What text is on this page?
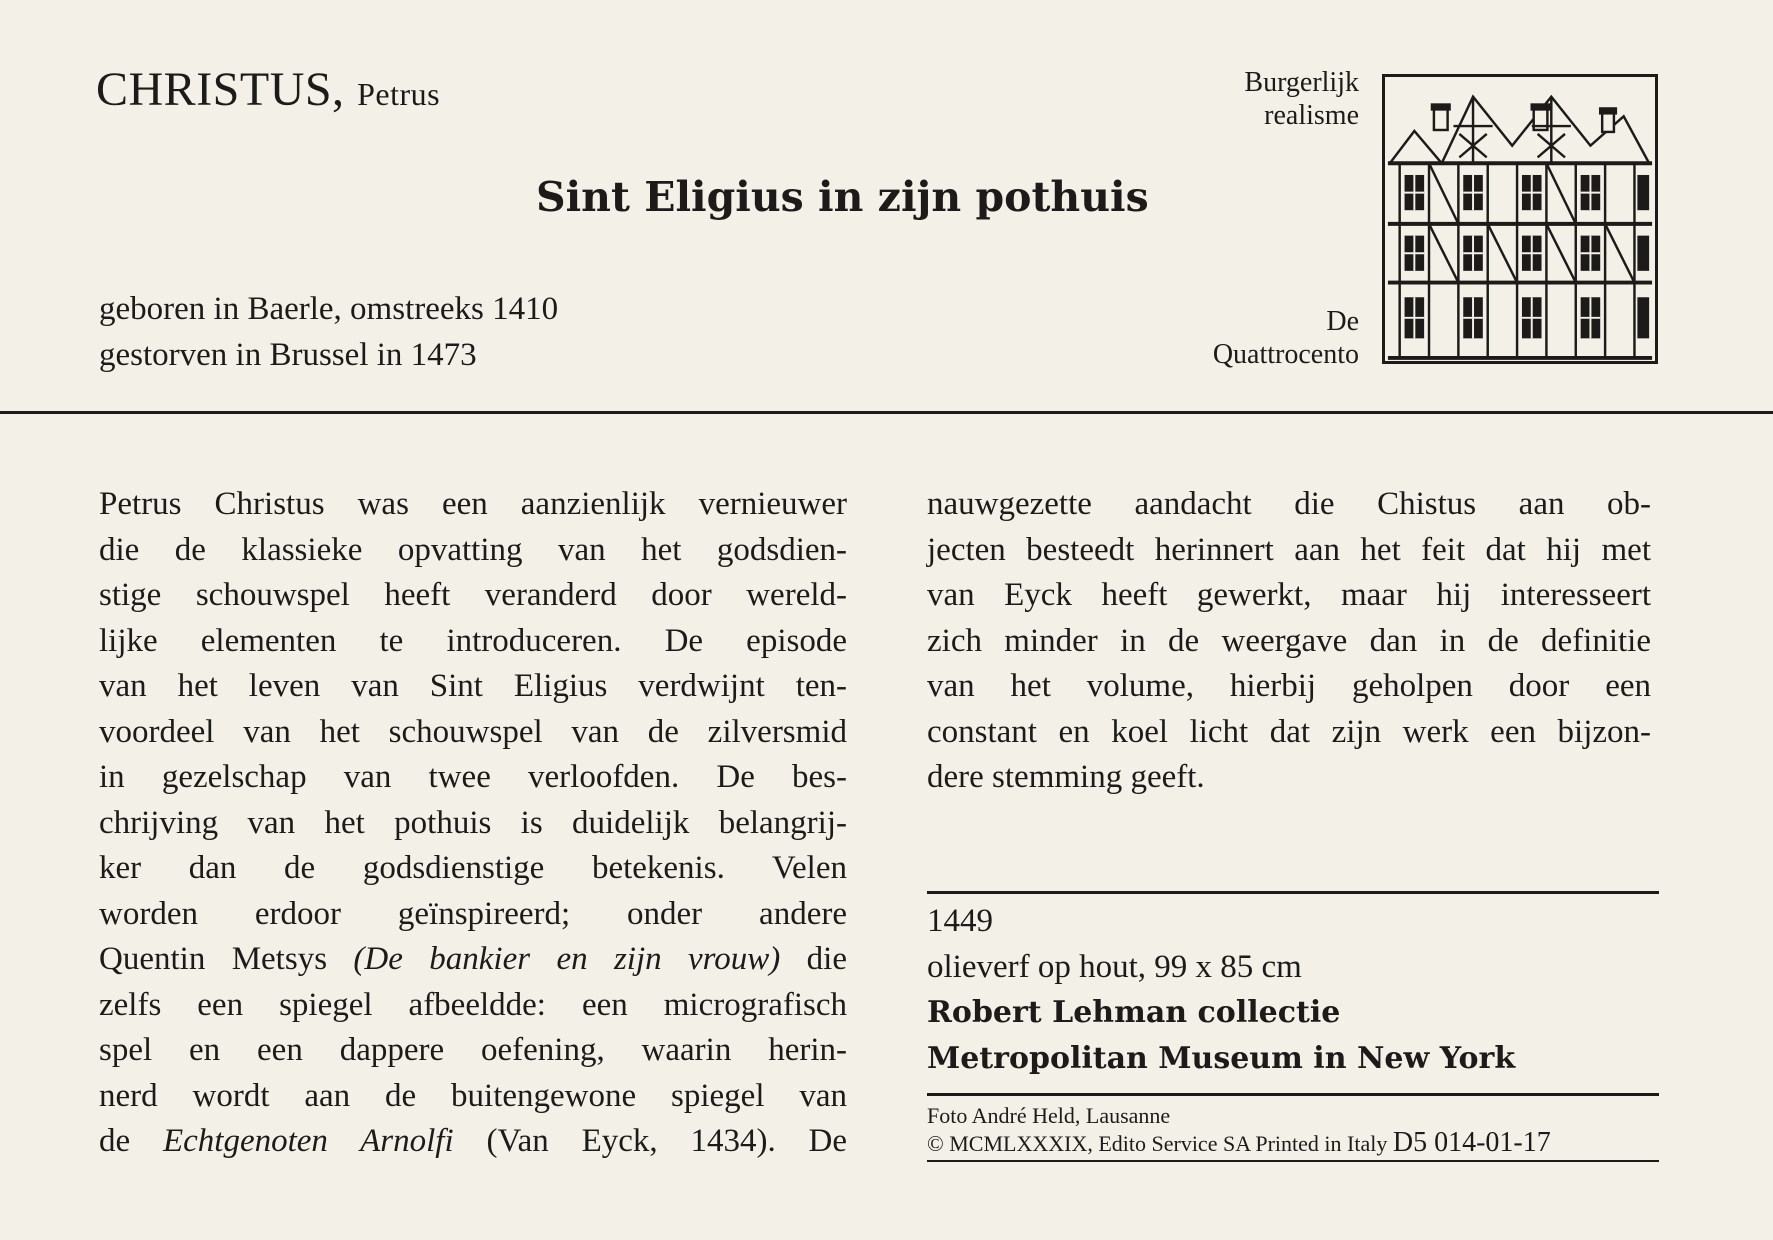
CHRISTUS, Petrus
Sint Eligius in zijn pothuis
geboren in Baerle, omstreeks 1410
gestorven in Brussel in 1473
Burgerlijk
realisme
De
Quattrocento
Petrus Christus was een aanzienlijk vernieuwer
die de klassieke opvatting van het godsdien-
stige schouwspel heeft veranderd door wereld-
lijke elementen te introduceren. De episode
van het leven van Sint Eligius verdwijnt ten-
voordeel van het schouwspel van de zilversmid
in gezelschap van twee verloofden. De bes-
chrijving van het pothuis is duidelijk belangrij-
ker dan de godsdienstige betekenis. Velen
worden erdoor geïnspireerd; onder andere
Quentin Metsys (De bankier en zijn vrouw) die
zelfs een spiegel afbeeldde: een micrografisch
spel en een dappere oefening, waarin herin-
nerd wordt aan de buitengewone spiegel van
de Echtgenoten Arnolfi (Van Eyck, 1434). De
nauwgezette aandacht die Chistus aan ob-
jecten besteedt herinnert aan het feit dat hij met
van Eyck heeft gewerkt, maar hij interesseert
zich minder in de weergave dan in de definitie
van het volume, hierbij geholpen door een
constant en koel licht dat zijn werk een bijzon-
dere stemming geeft.
1449
olieverf op hout, 99 x 85 cm
Robert Lehman collectie
Metropolitan Museum in New York
Foto André Held, Lausanne
© MCMLXXXIX, Edito Service SA Printed in Italy D5 014-01-17
